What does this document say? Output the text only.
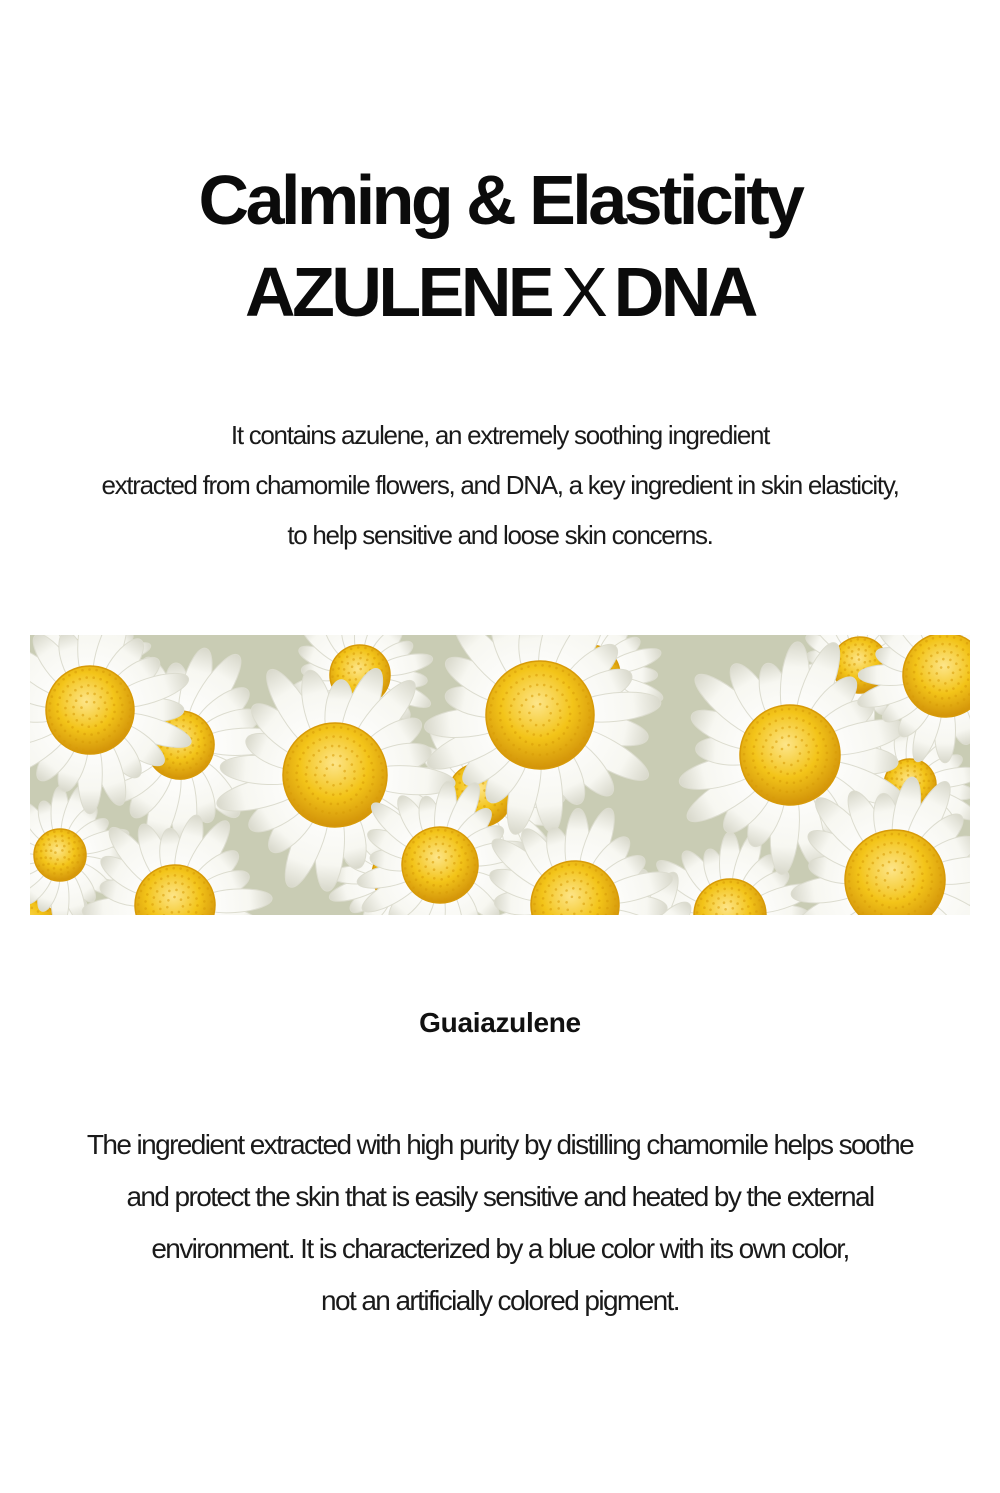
Calming & Elasticity
AZULENE XDNA

It contains azulene, an extremely soothing ingredient

extracted from chamomile flowers, and DNA, a key ingredient in skin elasticity,

to help sensitive and loose skin concerns.

Guaiazulene

The ingredient extracted with high purity by distilling chamomile helps soothe

and protect the skin that is easily sensitive and heated by the external

environment. It is characterized by a blue color with its own color,

not an artificially colored pigment.
